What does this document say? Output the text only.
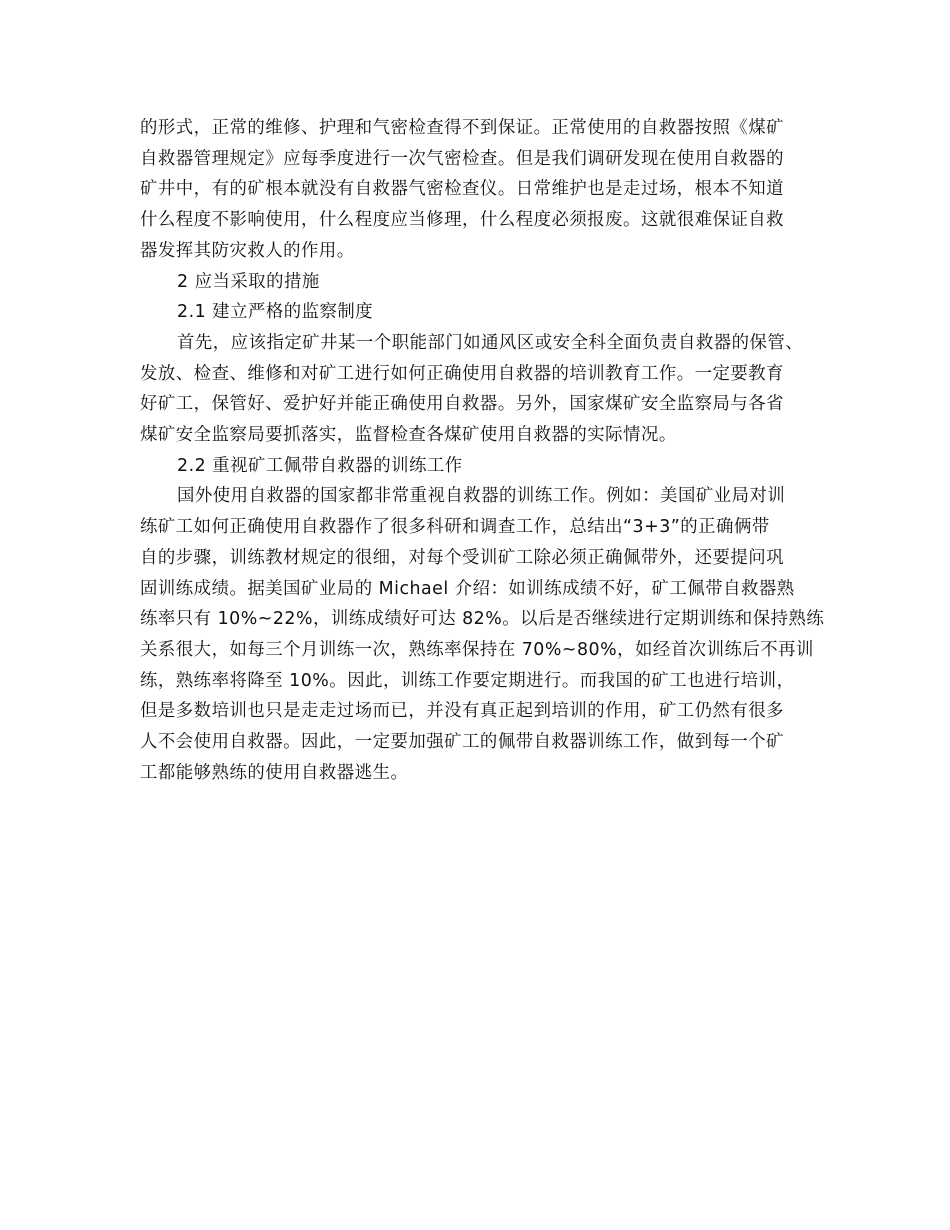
的形式，正常的维修、护理和气密检查得不到保证。正常使用的自救器按照《煤矿

自救器管理规定》应每季度进行一次气密检查。但是我们调研发现在使用自救器的

矿井中，有的矿根本就没有自救器气密检查仪。日常维护也是走过场，根本不知道

什么程度不影响使用，什么程度应当修理，什么程度必须报废。这就很难保证自救

器发挥其防灾救人的作用。

2 应当采取的措施

2.1 建立严格的监察制度

首先，应该指定矿井某一个职能部门如通风区或安全科全面负责自救器的保管、

发放、检查、维修和对矿工进行如何正确使用自救器的培训教育工作。一定要教育

好矿工，保管好、爱护好并能正确使用自救器。另外，国家煤矿安全监察局与各省

煤矿安全监察局要抓落实，监督检查各煤矿使用自救器的实际情况。

2.2 重视矿工佩带自救器的训练工作

国外使用自救器的国家都非常重视自救器的训练工作。例如：美国矿业局对训

练矿工如何正确使用自救器作了很多科研和调查工作，总结出“3+3”的正确俩带

自的步骤，训练教材规定的很细，对每个受训矿工除必须正确佩带外，还要提问巩

固训练成绩。据美国矿业局的 Michael 介绍：如训练成绩不好，矿工佩带自救器熟

练率只有 10%~22%，训练成绩好可达 82%。以后是否继续进行定期训练和保持熟练

关系很大，如每三个月训练一次，熟练率保持在 70%~80%，如经首次训练后不再训

练，熟练率将降至 10%。因此，训练工作要定期进行。而我国的矿工也进行培训，

但是多数培训也只是走走过场而已，并没有真正起到培训的作用，矿工仍然有很多

人不会使用自救器。因此，一定要加强矿工的佩带自救器训练工作，做到每一个矿

工都能够熟练的使用自救器逃生。
